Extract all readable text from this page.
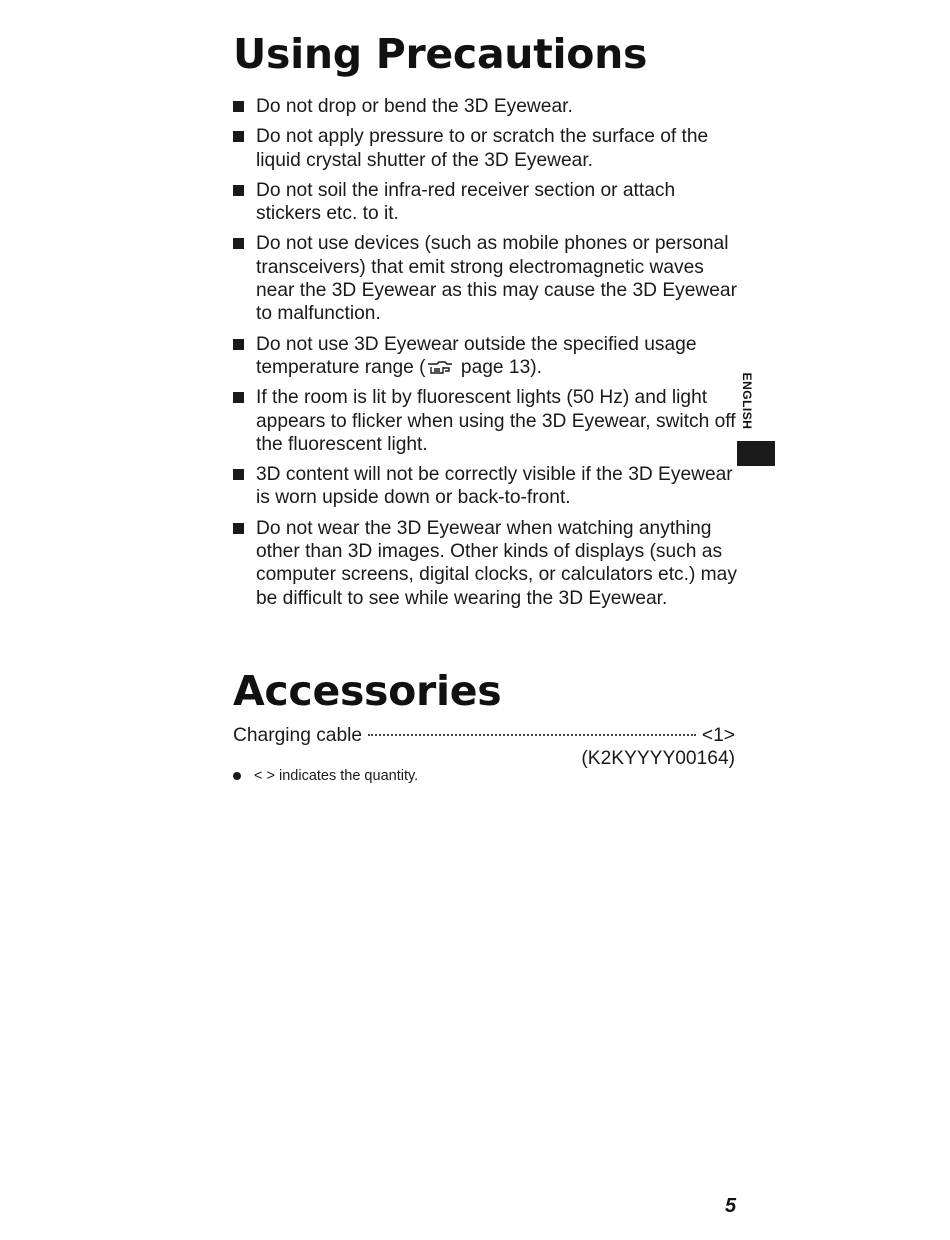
Using Precautions
Do not drop or bend the 3D Eyewear.
Do not apply pressure to or scratch the surface of the liquid crystal shutter of the 3D Eyewear.
Do not soil the infra-red receiver section or attach stickers etc. to it.
Do not use devices (such as mobile phones or personal transceivers) that emit strong electromagnetic waves near the 3D Eyewear as this may cause the 3D Eyewear to malfunction.
Do not use 3D Eyewear outside the specified usage temperature range ( page 13).
If the room is lit by fluorescent lights (50 Hz) and light appears to flicker when using the 3D Eyewear, switch off the fluorescent light.
3D content will not be correctly visible if the 3D Eyewear is worn upside down or back-to-front.
Do not wear the 3D Eyewear when watching anything other than 3D images. Other kinds of displays (such as computer screens, digital clocks, or calculators etc.) may be difficult to see while wearing the 3D Eyewear.
ENGLISH
Accessories
Charging cable	<1>
(K2KYYYY00164)
< > indicates the quantity.
5
